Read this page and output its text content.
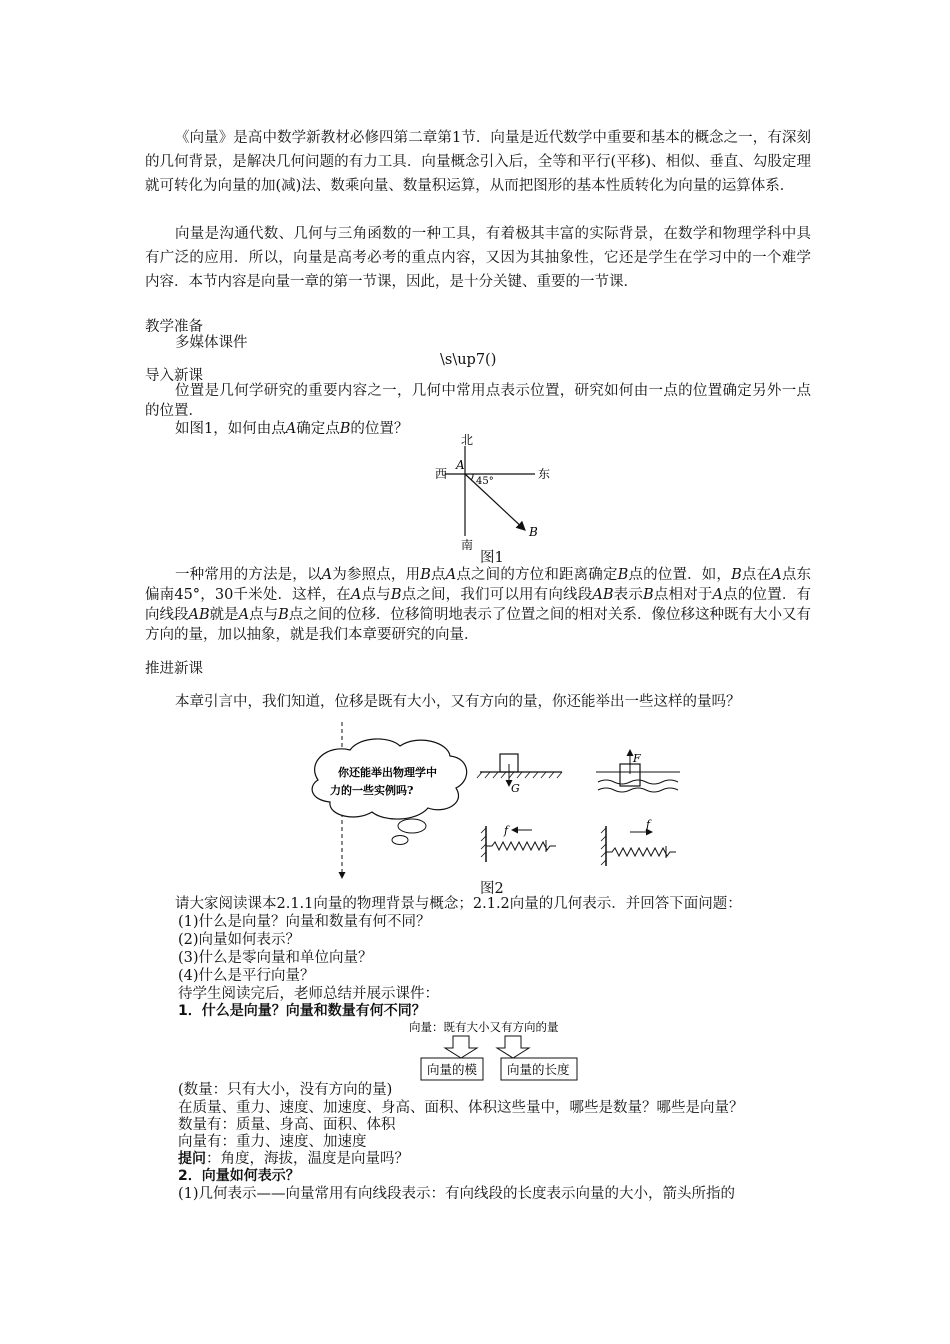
《向量》是高中数学新教材必修四第二章第1节．向量是近代数学中重要和基本的概念之一，有深刻的几何背景，是解决几何问题的有力工具．向量概念引入后，全等和平行(平移)、相似、垂直、勾股定理就可转化为向量的加(减)法、数乘向量、数量积运算，从而把图形的基本性质转化为向量的运算体系．

向量是沟通代数、几何与三角函数的一种工具，有着极其丰富的实际背景，在数学和物理学科中具有广泛的应用．所以，向量是高考必考的重点内容，又因为其抽象性，它还是学生在学习中的一个难学内容．本节内容是向量一章的第一节课，因此，是十分关键、重要的一节课．

教学准备
多媒体课件
\s\up7()
导入新课

位置是几何学研究的重要内容之一，几何中常用点表示位置，研究如何由一点的位置确定另外一点的位置．

如图1，如何由点A确定点B的位置？
北
西	东
南
A
B
45°
图1

一种常用的方法是，以A为参照点，用B点A点之间的方位和距离确定B点的位置．如，B点在A点东偏南45°，30千米处．这样，在A点与B点之间，我们可以用有向线段AB表示B点相对于A点的位置．有向线段AB就是A点与B点之间的位移．位移简明地表示了位置之间的相对关系．像位移这种既有大小又有方向的量，加以抽象，就是我们本章要研究的向量．

推进新课
本章引言中，我们知道，位移是既有大小，又有方向的量，你还能举出一些这样的量吗？
你还能举出物理学中
力的一些实例吗?	G
F
f	f
图2
请大家阅读课本2.1.1向量的物理背景与概念；2.1.2向量的几何表示．并回答下面问题：
(1)什么是向量？向量和数量有何不同？
(2)向量如何表示？
(3)什么是零向量和单位向量？
(4)什么是平行向量？
待学生阅读完后，老师总结并展示课件：
1．什么是向量？向量和数量有何不同？
向量：既有大小又有方向的量
向量的模 向量的长度
(数量：只有大小，没有方向的量)
在质量、重力、速度、加速度、身高、面积、体积这些量中，哪些是数量？哪些是向量？
数量有：质量、身高、面积、体积
向量有：重力、速度、加速度
提问：角度，海拔，温度是向量吗？
2．向量如何表示？
(1)几何表示——向量常用有向线段表示：有向线段的长度表示向量的大小，箭头所指的
